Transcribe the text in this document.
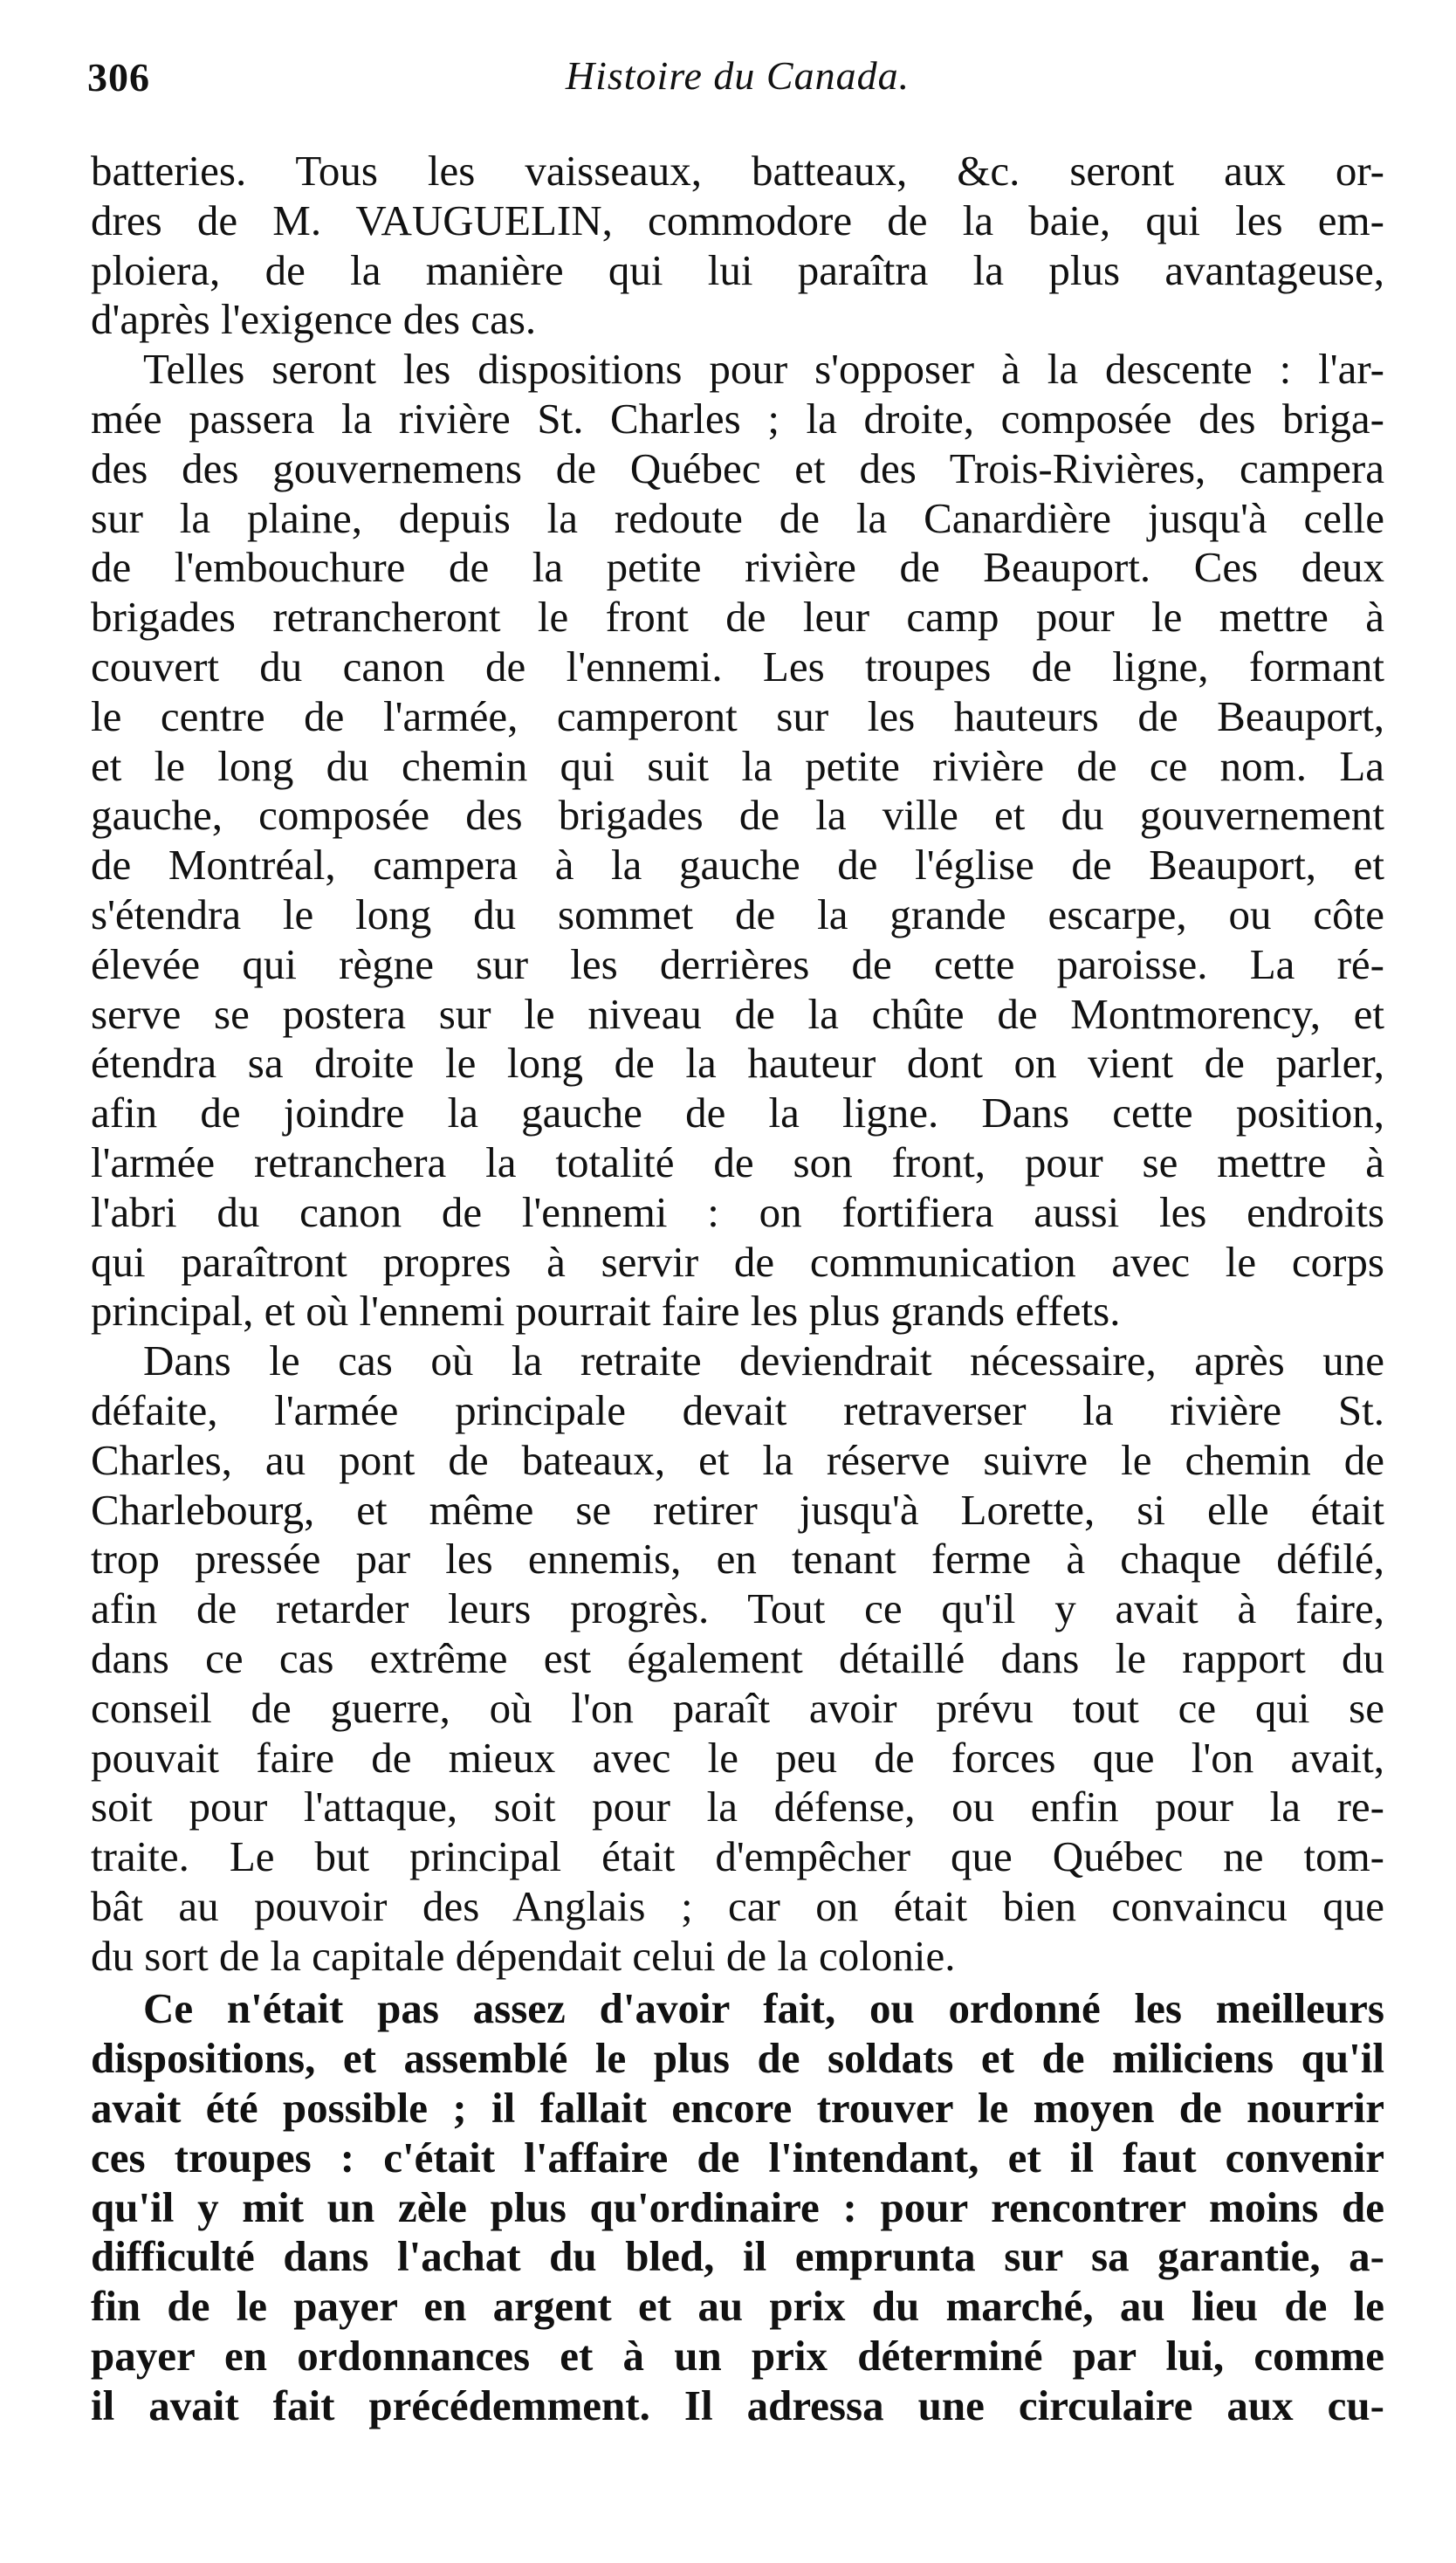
306	Histoire du Canada.
batteries. Tous les vaisseaux, batteaux, &c. seront aux or-
dres de M. VAUGUELIN, commodore de la baie, qui les em-
ploiera, de la manière qui lui paraîtra la plus avantageuse,
d'après l'exigence des cas.
Telles seront les dispositions pour s'opposer à la descente : l'ar-
mée passera la rivière St. Charles ; la droite, composée des briga-
des des gouvernemens de Québec et des Trois-Rivières, campera
sur la plaine, depuis la redoute de la Canardière jusqu'à celle
de l'embouchure de la petite rivière de Beauport. Ces deux
brigades retrancheront le front de leur camp pour le mettre à
couvert du canon de l'ennemi. Les troupes de ligne, formant
le centre de l'armée, camperont sur les hauteurs de Beauport,
et le long du chemin qui suit la petite rivière de ce nom. La
gauche, composée des brigades de la ville et du gouvernement
de Montréal, campera à la gauche de l'église de Beauport, et
s'étendra le long du sommet de la grande escarpe, ou côte
élevée qui règne sur les derrières de cette paroisse. La ré-
serve se postera sur le niveau de la chûte de Montmorency, et
étendra sa droite le long de la hauteur dont on vient de parler,
afin de joindre la gauche de la ligne. Dans cette position,
l'armée retranchera la totalité de son front, pour se mettre à
l'abri du canon de l'ennemi : on fortifiera aussi les endroits
qui paraîtront propres à servir de communication avec le corps
principal, et où l'ennemi pourrait faire les plus grands effets.
Dans le cas où la retraite deviendrait nécessaire, après une
défaite, l'armée principale devait retraverser la rivière St.
Charles, au pont de bateaux, et la réserve suivre le chemin de
Charlebourg, et même se retirer jusqu'à Lorette, si elle était
trop pressée par les ennemis, en tenant ferme à chaque défilé,
afin de retarder leurs progrès. Tout ce qu'il y avait à faire,
dans ce cas extrême est également détaillé dans le rapport du
conseil de guerre, où l'on paraît avoir prévu tout ce qui se
pouvait faire de mieux avec le peu de forces que l'on avait,
soit pour l'attaque, soit pour la défense, ou enfin pour la re-
traite. Le but principal était d'empêcher que Québec ne tom-
bât au pouvoir des Anglais ; car on était bien convaincu que
du sort de la capitale dépendait celui de la colonie.
Ce n'était pas assez d'avoir fait, ou ordonné les meilleurs
dispositions, et assemblé le plus de soldats et de miliciens qu'il
avait été possible ; il fallait encore trouver le moyen de nourrir
ces troupes : c'était l'affaire de l'intendant, et il faut convenir
qu'il y mit un zèle plus qu'ordinaire : pour rencontrer moins de
difficulté dans l'achat du bled, il emprunta sur sa garantie, a-
fin de le payer en argent et au prix du marché, au lieu de le
payer en ordonnances et à un prix déterminé par lui, comme
il avait fait précédemment. Il adressa une circulaire aux cu-
